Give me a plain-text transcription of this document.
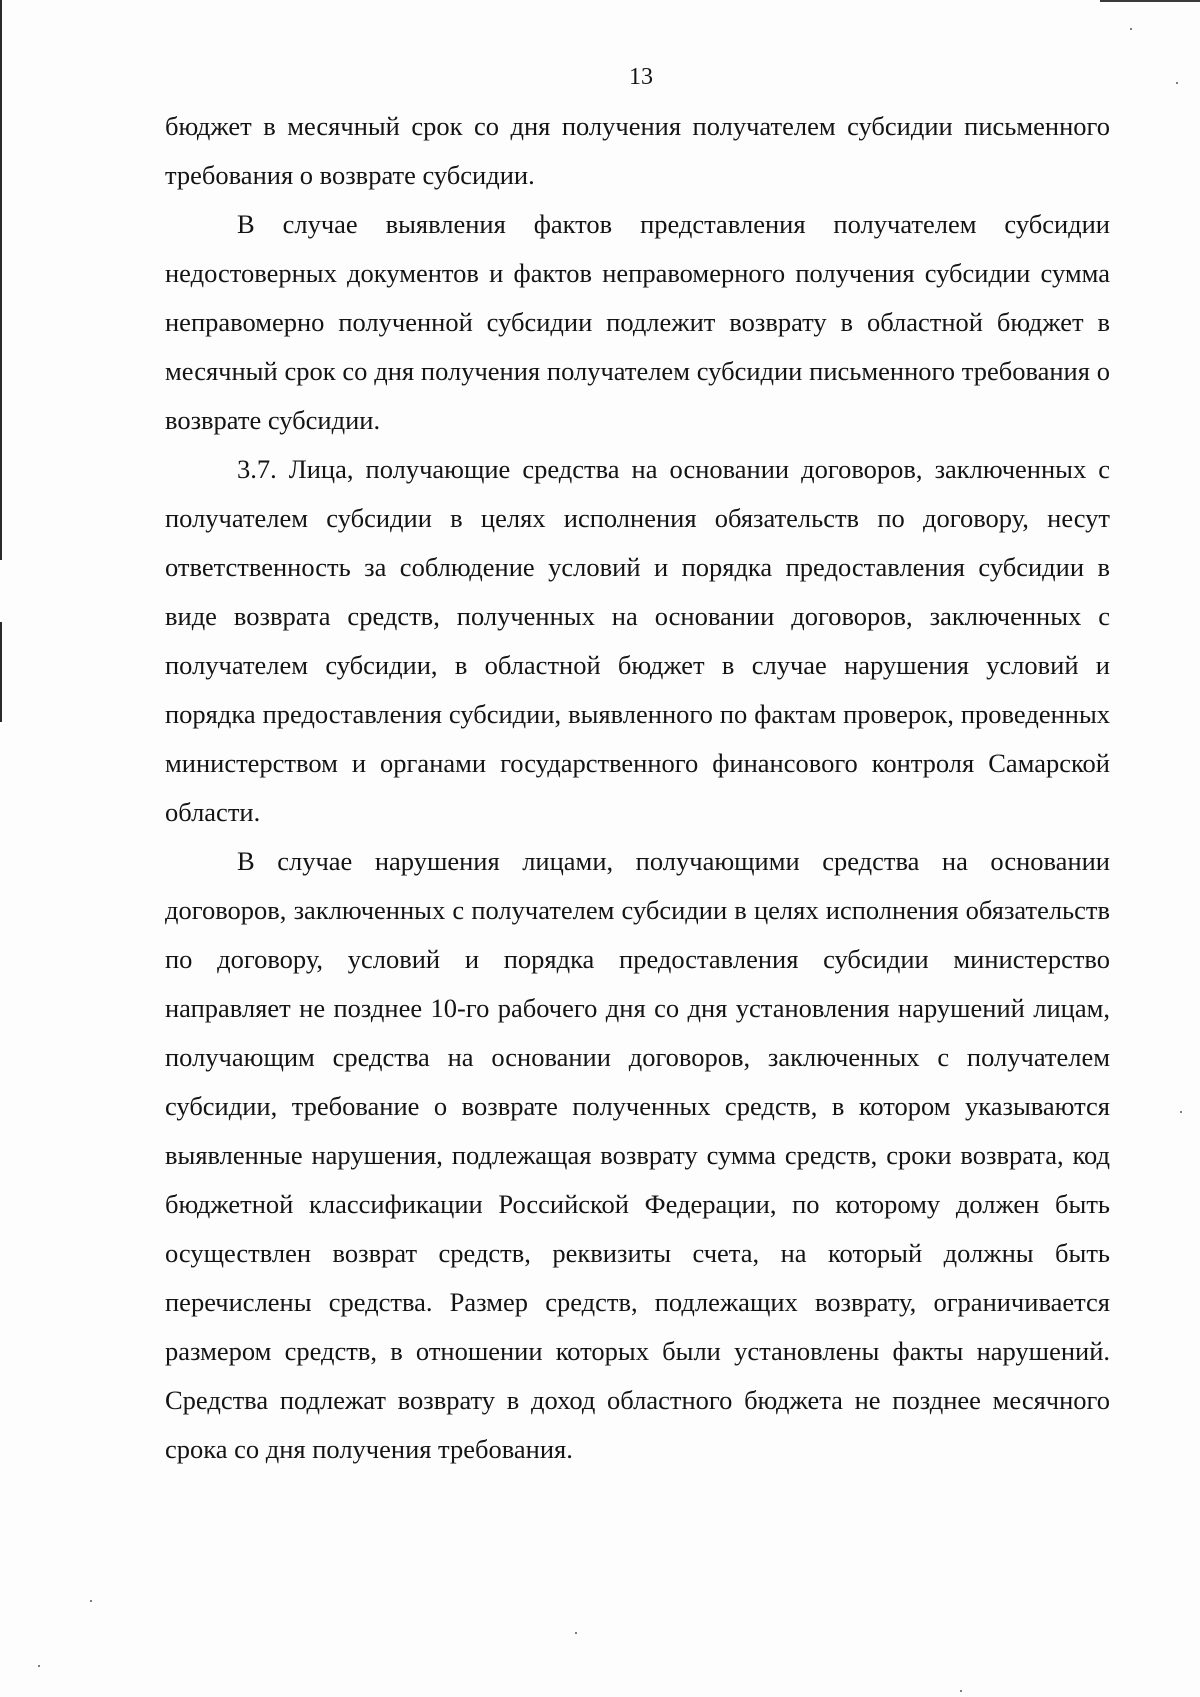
13

бюджет в месячный срок со дня получения получателем субсидии письменного требования о возврате субсидии.

В случае выявления фактов представления получателем субсидии недостоверных документов и фактов неправомерного получения субсидии сумма неправомерно полученной субсидии подлежит возврату в областной бюджет в месячный срок со дня получения получателем субсидии письменного требования о возврате субсидии.

3.7. Лица, получающие средства на основании договоров, заключенных с получателем субсидии в целях исполнения обязательств по договору, несут ответственность за соблюдение условий и порядка предоставления субсидии в виде возврата средств, полученных на основании договоров, заключенных с получателем субсидии, в областной бюджет в случае нарушения условий и порядка предоставления субсидии, выявленного по фактам проверок, проведенных министерством и органами государственного финансового контроля Самарской области.

В случае нарушения лицами, получающими средства на основании договоров, заключенных с получателем субсидии в целях исполнения обязательств по договору, условий и порядка предоставления субсидии министерство направляет не позднее 10-го рабочего дня со дня установления нарушений лицам, получающим средства на основании договоров, заключенных с получателем субсидии, требование о возврате полученных средств, в котором указываются выявленные нарушения, подлежащая возврату сумма средств, сроки возврата, код бюджетной классификации Российской Федерации, по которому должен быть осуществлен возврат средств, реквизиты счета, на который должны быть перечислены средства. Размер средств, подлежащих возврату, ограничивается размером средств, в отношении которых были установлены факты нарушений. Средства подлежат возврату в доход областного бюджета не позднее месячного срока со дня получения требования.
